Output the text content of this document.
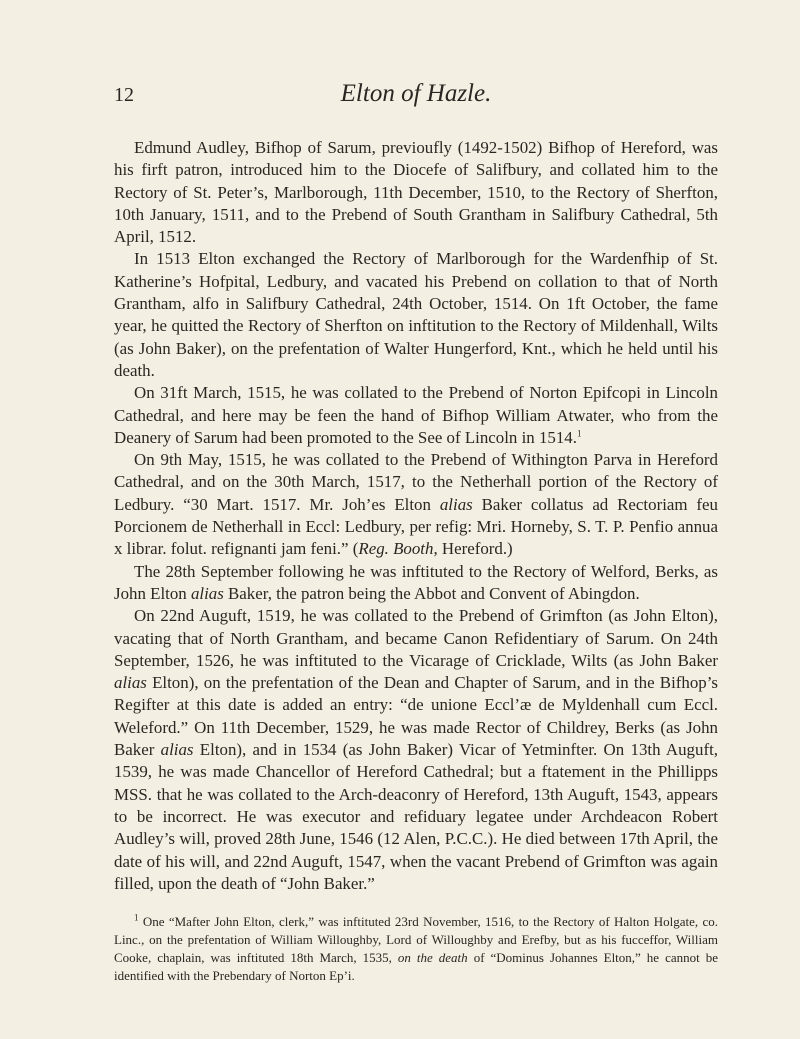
12	Elton of Hazle.

Edmund Audley, Bifhop of Sarum, previoufly (1492-1502) Bifhop of Hereford, was his firft patron, introduced him to the Diocefe of Salifbury, and collated him to the Rectory of St. Peter’s, Marlborough, 11th December, 1510, to the Rectory of Sherfton, 10th January, 1511, and to the Prebend of South Grantham in Salifbury Cathedral, 5th April, 1512.

In 1513 Elton exchanged the Rectory of Marlborough for the Wardenfhip of St. Katherine’s Hofpital, Ledbury, and vacated his Prebend on collation to that of North Grantham, alfo in Salifbury Cathedral, 24th October, 1514. On 1ft October, the fame year, he quitted the Rectory of Sherfton on inftitution to the Rectory of Mildenhall, Wilts (as John Baker), on the prefentation of Walter Hungerford, Knt., which he held until his death.

On 31ft March, 1515, he was collated to the Prebend of Norton Epifcopi in Lincoln Cathedral, and here may be feen the hand of Bifhop William Atwater, who from the Deanery of Sarum had been promoted to the See of Lincoln in 1514.$^1$

On 9th May, 1515, he was collated to the Prebend of Withington Parva in Hereford Cathedral, and on the 30th March, 1517, to the Netherhall portion of the Rectory of Ledbury. “30 Mart. 1517. Mr. Joh’es Elton alias Baker collatus ad Rectoriam feu Porcionem de Netherhall in Eccl: Ledbury, per refig: Mri. Horneby, S. T. P. Penfio annua x librar. folut. refignanti jam feni.” (Reg. Booth, Hereford.)

The 28th September following he was inftituted to the Rectory of Welford, Berks, as John Elton alias Baker, the patron being the Abbot and Convent of Abingdon.

On 22nd Auguft, 1519, he was collated to the Prebend of Grimfton (as John Elton), vacating that of North Grantham, and became Canon Refidentiary of Sarum. On 24th September, 1526, he was inftituted to the Vicarage of Cricklade, Wilts (as John Baker alias Elton), on the prefentation of the Dean and Chapter of Sarum, and in the Bifhop’s Regifter at this date is added an entry: “de unione Eccl’æ de Myldenhall cum Eccl. Weleford.” On 11th December, 1529, he was made Rector of Childrey, Berks (as John Baker alias Elton), and in 1534 (as John Baker) Vicar of Yetminfter. On 13th Auguft, 1539, he was made Chancellor of Hereford Cathedral; but a ftatement in the Phillipps MSS. that he was collated to the Arch-deaconry of Hereford, 13th Auguft, 1543, appears to be incorrect. He was executor and refiduary legatee under Archdeacon Robert Audley’s will, proved 28th June, 1546 (12 Alen, P.C.C.). He died between 17th April, the date of his will, and 22nd Auguft, 1547, when the vacant Prebend of Grimfton was again filled, upon the death of “John Baker.”

$^1$ One “Mafter John Elton, clerk,” was inftituted 23rd November, 1516, to the Rectory of Halton Holgate, co. Linc., on the prefentation of William Willoughby, Lord of Willoughby and Erefby, but as his fucceffor, William Cooke, chaplain, was inftituted 18th March, 1535, on the death of “Dominus Johannes Elton,” he cannot be identified with the Prebendary of Norton Ep’i.
